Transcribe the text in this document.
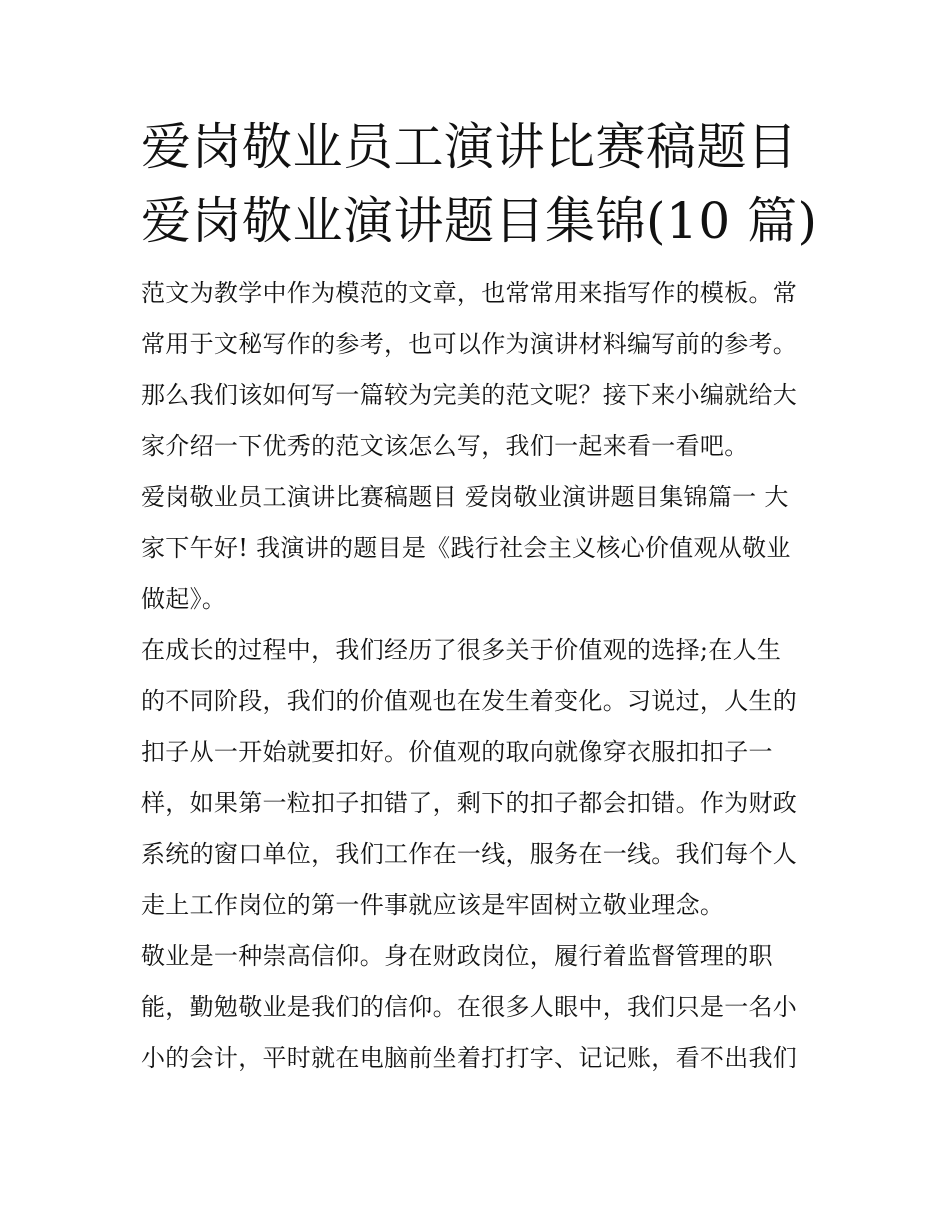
爱岗敬业员工演讲比赛稿题目
爱岗敬业演讲题目集锦(10 篇)

范文为教学中作为模范的文章，也常常用来指写作的模板。常
常用于文秘写作的参考，也可以作为演讲材料编写前的参考。
那么我们该如何写一篇较为完美的范文呢？接下来小编就给大
家介绍一下优秀的范文该怎么写，我们一起来看一看吧。

爱岗敬业员工演讲比赛稿题目 爱岗敬业演讲题目集锦篇一 大
家下午好! 我演讲的题目是《践行社会主义核心价值观从敬业
做起》。

在成长的过程中，我们经历了很多关于价值观的选择;在人生
的不同阶段，我们的价值观也在发生着变化。习说过，人生的
扣子从一开始就要扣好。价值观的取向就像穿衣服扣扣子一
样，如果第一粒扣子扣错了，剩下的扣子都会扣错。作为财政
系统的窗口单位，我们工作在一线，服务在一线。我们每个人
走上工作岗位的第一件事就应该是牢固树立敬业理念。

敬业是一种崇高信仰。身在财政岗位，履行着监督管理的职
能，勤勉敬业是我们的信仰。在很多人眼中，我们只是一名小
小的会计，平时就在电脑前坐着打打字、记记账，看不出我们
